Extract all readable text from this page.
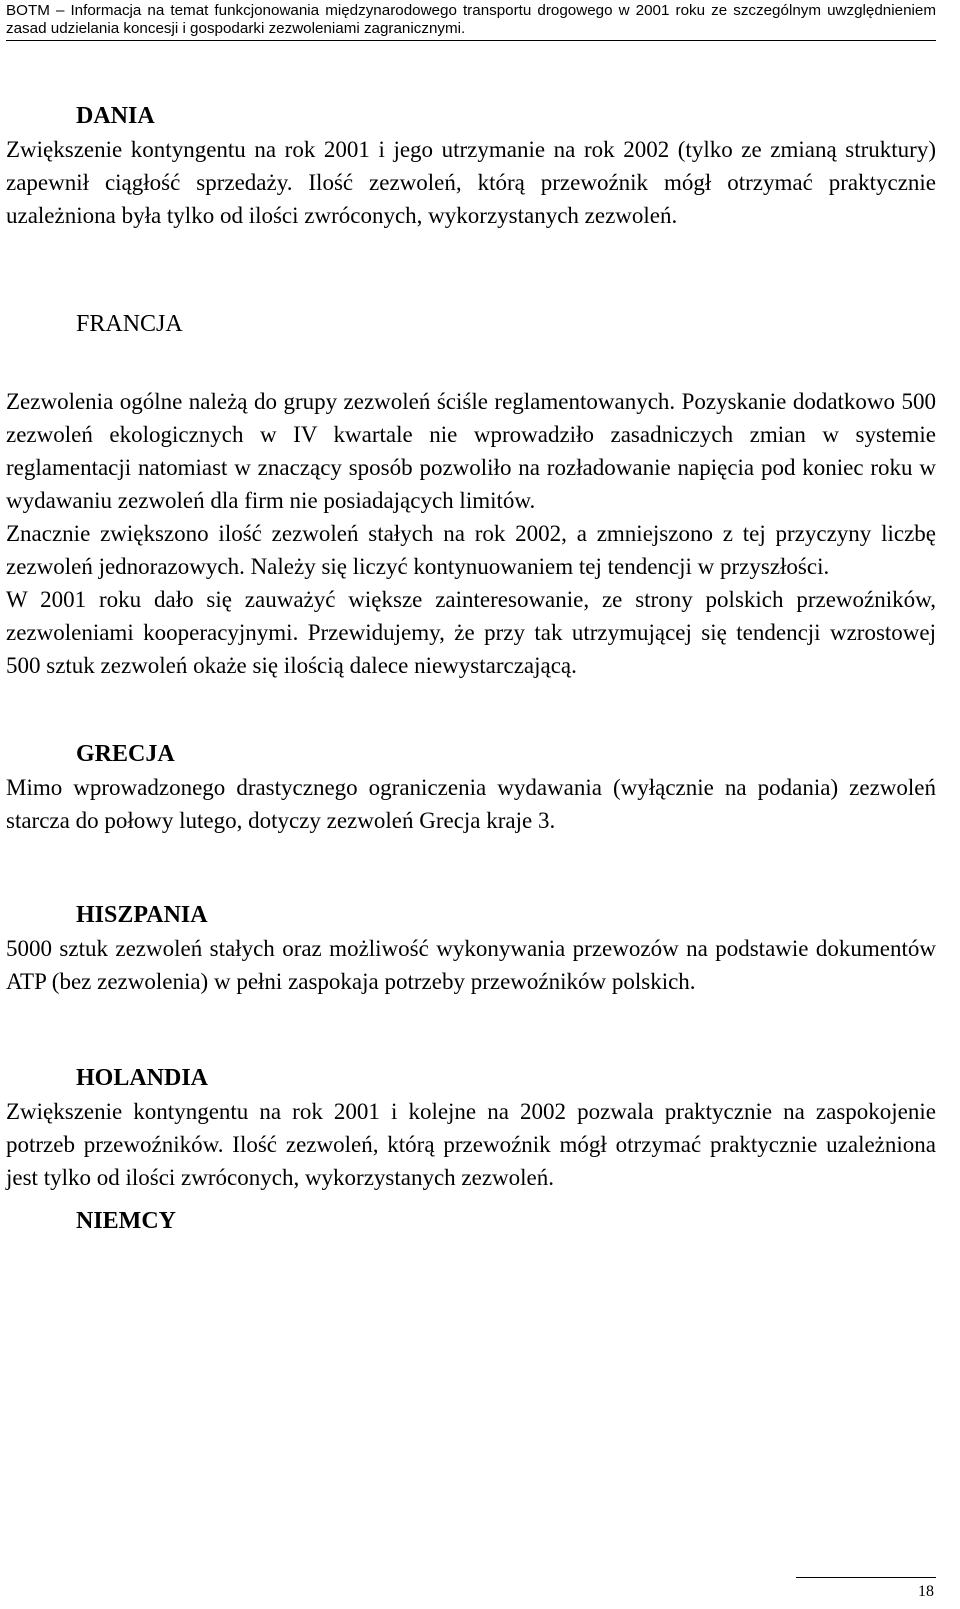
BOTM – Informacja na temat funkcjonowania międzynarodowego transportu drogowego w 2001 roku ze szczególnym uwzględnieniem zasad udzielania koncesji i gospodarki zezwoleniami zagranicznymi.

DANIA

Zwiększenie kontyngentu na rok 2001 i jego utrzymanie na rok 2002 (tylko ze zmianą struktury) zapewnił ciągłość sprzedaży. Ilość zezwoleń, którą przewoźnik mógł otrzymać praktycznie uzależniona była tylko od ilości zwróconych, wykorzystanych zezwoleń.

FRANCJA

Zezwolenia ogólne należą do grupy zezwoleń ściśle reglamentowanych. Pozyskanie dodatkowo 500 zezwoleń ekologicznych w IV kwartale nie wprowadziło zasadniczych zmian w systemie reglamentacji natomiast w znaczący sposób pozwoliło na rozładowanie napięcia pod koniec roku w wydawaniu zezwoleń dla firm nie posiadających limitów.

Znacznie zwiększono ilość zezwoleń stałych na rok 2002, a zmniejszono z tej przyczyny liczbę zezwoleń jednorazowych. Należy się liczyć kontynuowaniem tej tendencji w przyszłości.

W 2001 roku dało się zauważyć większe zainteresowanie, ze strony polskich przewoźników, zezwoleniami kooperacyjnymi. Przewidujemy, że przy tak utrzymującej się tendencji wzrostowej 500 sztuk zezwoleń okaże się ilością dalece niewystarczającą.

GRECJA

Mimo wprowadzonego drastycznego ograniczenia wydawania (wyłącznie na podania) zezwoleń starcza do połowy lutego, dotyczy zezwoleń Grecja kraje 3.

HISZPANIA

5000 sztuk zezwoleń stałych oraz możliwość wykonywania przewozów na podstawie dokumentów ATP (bez zezwolenia) w pełni zaspokaja potrzeby przewoźników polskich.

HOLANDIA

Zwiększenie kontyngentu na rok 2001 i kolejne na 2002 pozwala praktycznie na zaspokojenie potrzeb przewoźników. Ilość zezwoleń, którą przewoźnik mógł otrzymać praktycznie uzależniona jest tylko od ilości zwróconych, wykorzystanych zezwoleń.

NIEMCY

18
